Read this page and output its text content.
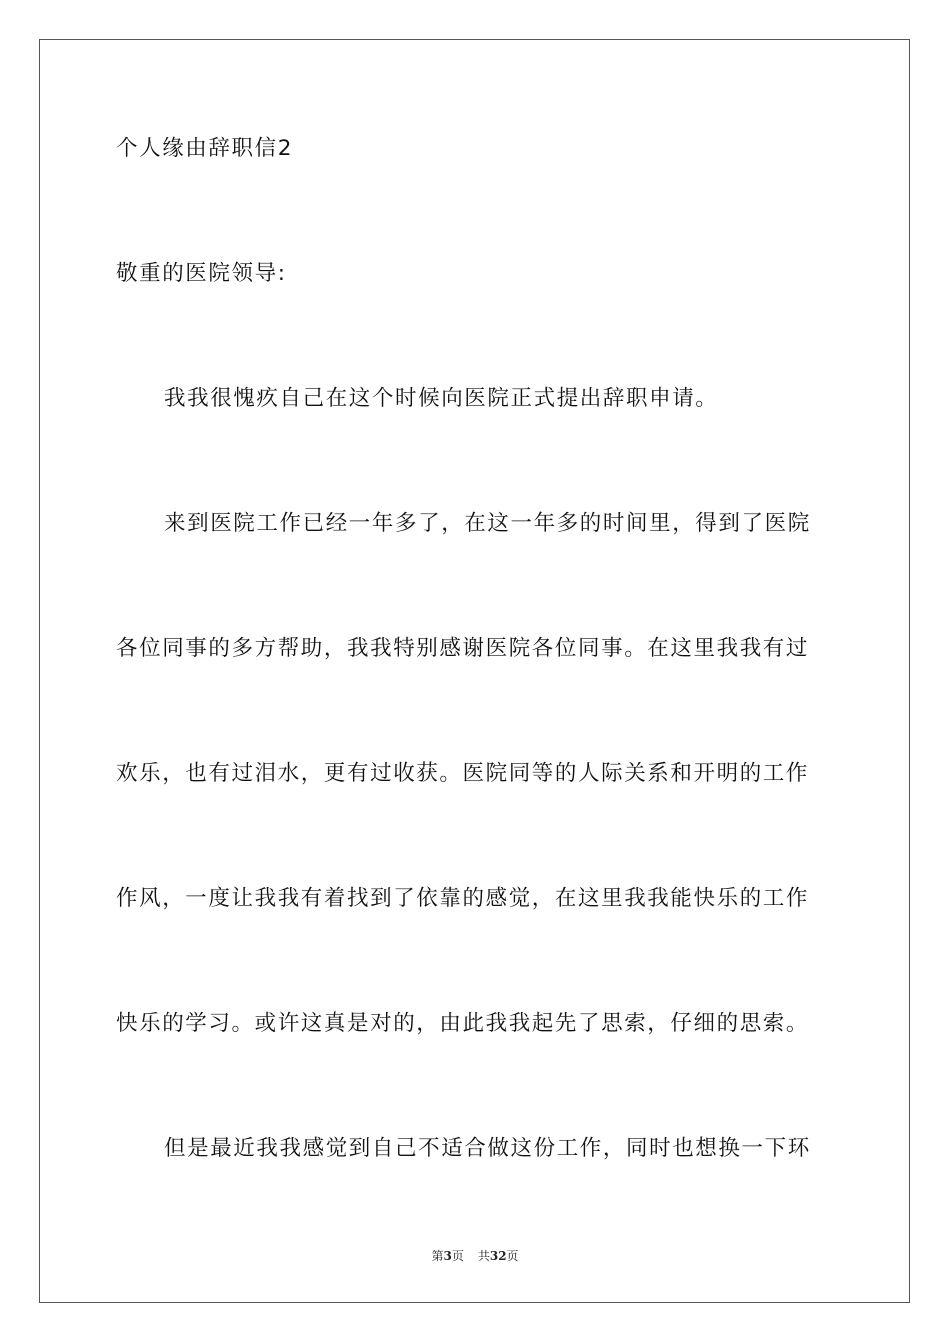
个人缘由辞职信2
敬重的医院领导:
我我很愧疚自己在这个时候向医院正式提出辞职申请。
来到医院工作已经一年多了，在这一年多的时间里，得到了医院
各位同事的多方帮助，我我特别感谢医院各位同事。在这里我我有过
欢乐，也有过泪水，更有过收获。医院同等的人际关系和开明的工作
作风，一度让我我有着找到了依靠的感觉，在这里我我能快乐的工作
快乐的学习。或许这真是对的，由此我我起先了思索，仔细的思索。
但是最近我我感觉到自己不适合做这份工作，同时也想换一下环
第3页 共32页
